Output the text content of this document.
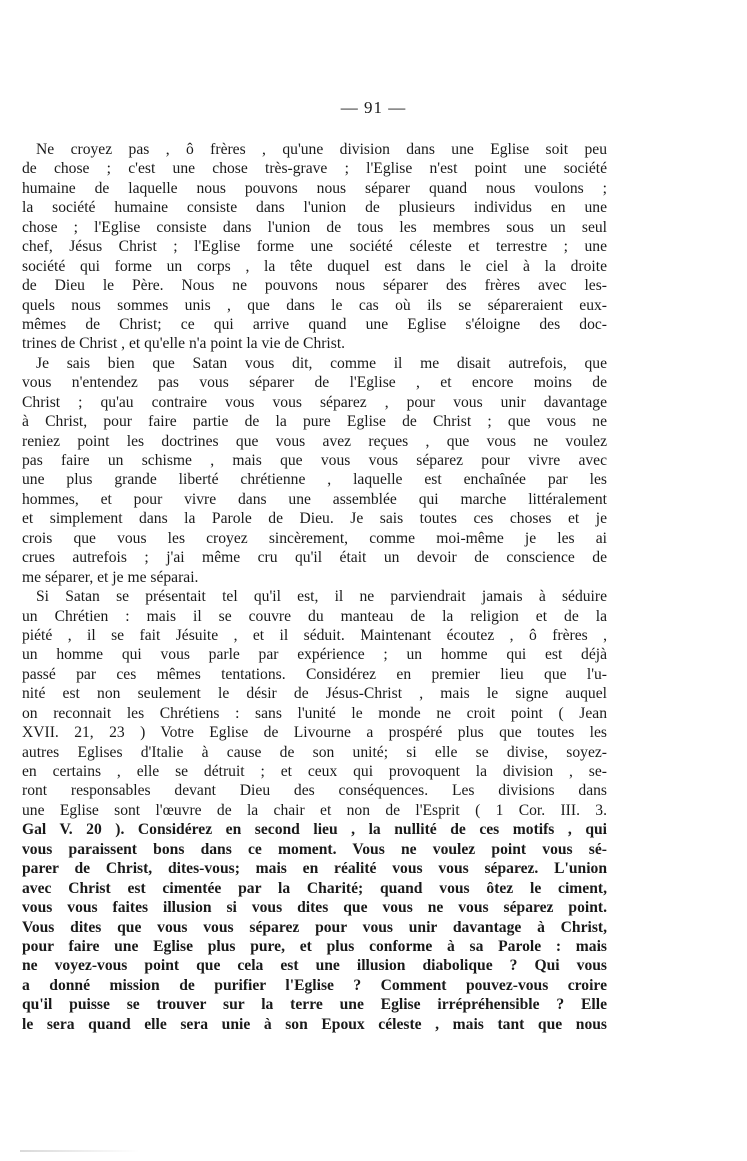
— 91 —
Ne croyez pas , ô frères , qu'une division dans une Eglise soit peu
de chose ; c'est une chose très-grave ; l'Eglise n'est point une société
humaine de laquelle nous pouvons nous séparer quand nous voulons ;
la société humaine consiste dans l'union de plusieurs individus en une
chose ; l'Eglise consiste dans l'union de tous les membres sous un seul
chef, Jésus Christ ; l'Eglise forme une société céleste et terrestre ; une
société qui forme un corps , la tête duquel est dans le ciel à la droite
de Dieu le Père. Nous ne pouvons nous séparer des frères avec les-
quels nous sommes unis , que dans le cas où ils se sépareraient eux-
mêmes de Christ; ce qui arrive quand une Eglise s'éloigne des doc-
trines de Christ , et qu'elle n'a point la vie de Christ.
Je sais bien que Satan vous dit, comme il me disait autrefois, que
vous n'entendez pas vous séparer de l'Eglise , et encore moins de
Christ ; qu'au contraire vous vous séparez , pour vous unir davantage
à Christ, pour faire partie de la pure Eglise de Christ ; que vous ne
reniez point les doctrines que vous avez reçues , que vous ne voulez
pas faire un schisme , mais que vous vous séparez pour vivre avec
une plus grande liberté chrétienne , laquelle est enchaînée par les
hommes, et pour vivre dans une assemblée qui marche littéralement
et simplement dans la Parole de Dieu. Je sais toutes ces choses et je
crois que vous les croyez sincèrement, comme moi-même je les ai
crues autrefois ; j'ai même cru qu'il était un devoir de conscience de
me séparer, et je me séparai.
Si Satan se présentait tel qu'il est, il ne parviendrait jamais à séduire
un Chrétien : mais il se couvre du manteau de la religion et de la
piété , il se fait Jésuite , et il séduit. Maintenant écoutez , ô frères ,
un homme qui vous parle par expérience ; un homme qui est déjà
passé par ces mêmes tentations. Considérez en premier lieu que l'u-
nité est non seulement le désir de Jésus-Christ , mais le signe auquel
on reconnait les Chrétiens : sans l'unité le monde ne croit point ( Jean
XVII. 21, 23 ) Votre Eglise de Livourne a prospéré plus que toutes les
autres Eglises d'Italie à cause de son unité; si elle se divise, soyez-
en certains , elle se détruit ; et ceux qui provoquent la division , se-
ront responsables devant Dieu des conséquences. Les divisions dans
une Eglise sont l'œuvre de la chair et non de l'Esprit ( 1 Cor. III. 3.
Gal V. 20 ). Considérez en second lieu , la nullité de ces motifs , qui
vous paraissent bons dans ce moment. Vous ne voulez point vous sé-
parer de Christ, dites-vous; mais en réalité vous vous séparez. L'union
avec Christ est cimentée par la Charité; quand vous ôtez le ciment,
vous vous faites illusion si vous dites que vous ne vous séparez point.
Vous dites que vous vous séparez pour vous unir davantage à Christ,
pour faire une Eglise plus pure, et plus conforme à sa Parole : mais
ne voyez-vous point que cela est une illusion diabolique ? Qui vous
a donné mission de purifier l'Eglise ? Comment pouvez-vous croire
qu'il puisse se trouver sur la terre une Eglise irrépréhensible ? Elle
le sera quand elle sera unie à son Epoux céleste , mais tant que nous
